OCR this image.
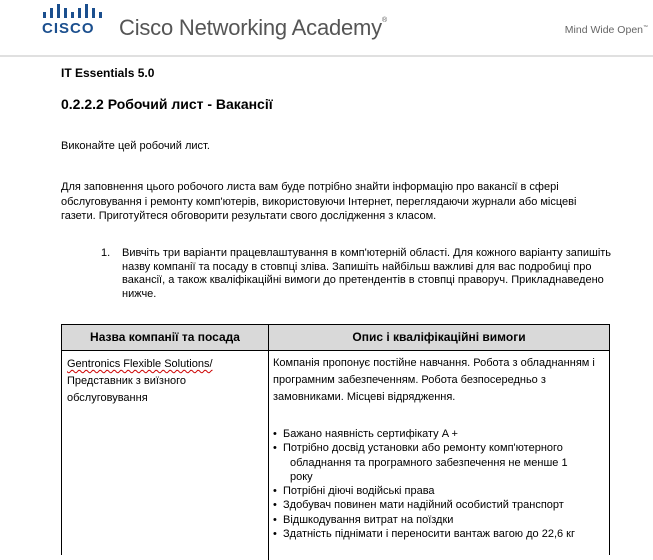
CISCO	Cisco Networking Academy®
Mind Wide Open™
IT Essentials 5.0
0.2.2.2 Робочий лист - Вакансії
Виконайте цей робочий лист.
Для заповнення цього робочого листа вам буде потрібно знайти інформацію про вакансії в сфері обслуговування і ремонту комп'ютерів, використовуючи Інтернет, переглядаючи журнали або місцеві газети. Приготуйтеся обговорити результати свого дослідження з класом.
1. Вивчіть три варіанти працевлаштування в комп'ютерній області. Для кожного варіанту запишіть назву компанії та посаду в стовпці зліва. Запишіть найбільш важливі для вас подробиці про вакансії, а також кваліфікаційні вимоги до претендентів в стовпці праворуч. Прикладнаведено нижче.
Назва компанії та посада	Опис і кваліфікаційні вимоги
Gentronics Flexible Solutions/
Представник з виїзного обслуговування
Компанія пропонує постійне навчання. Робота з обладнанням і програмним забезпеченням. Робота безпосередньо з замовниками. Місцеві відрядження.
• Бажано наявність сертифікату A +
• Потрібно досвід установки або ремонту комп'ютерного
обладнання та програмного забезпечення не менше 1
року
• Потрібні діючі водійські права
• Здобувач повинен мати надійний особистий транспорт
• Відшкодування витрат на поїздки
• Здатність піднімати і переносити вантаж вагою до 22,6 кг
